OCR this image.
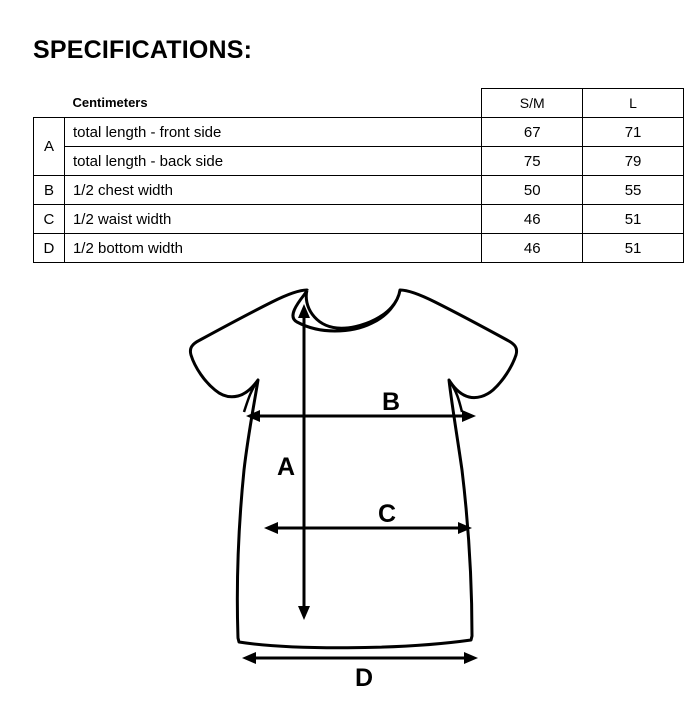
SPECIFICATIONS:
	Centimeters	S/M	L
A	total length - front side	67	71
	total length - back side	75	79
B	1/2 chest width	50	55
C	1/2 waist width	46	51
D	1/2 bottom width	46	51
A
B
C
D
